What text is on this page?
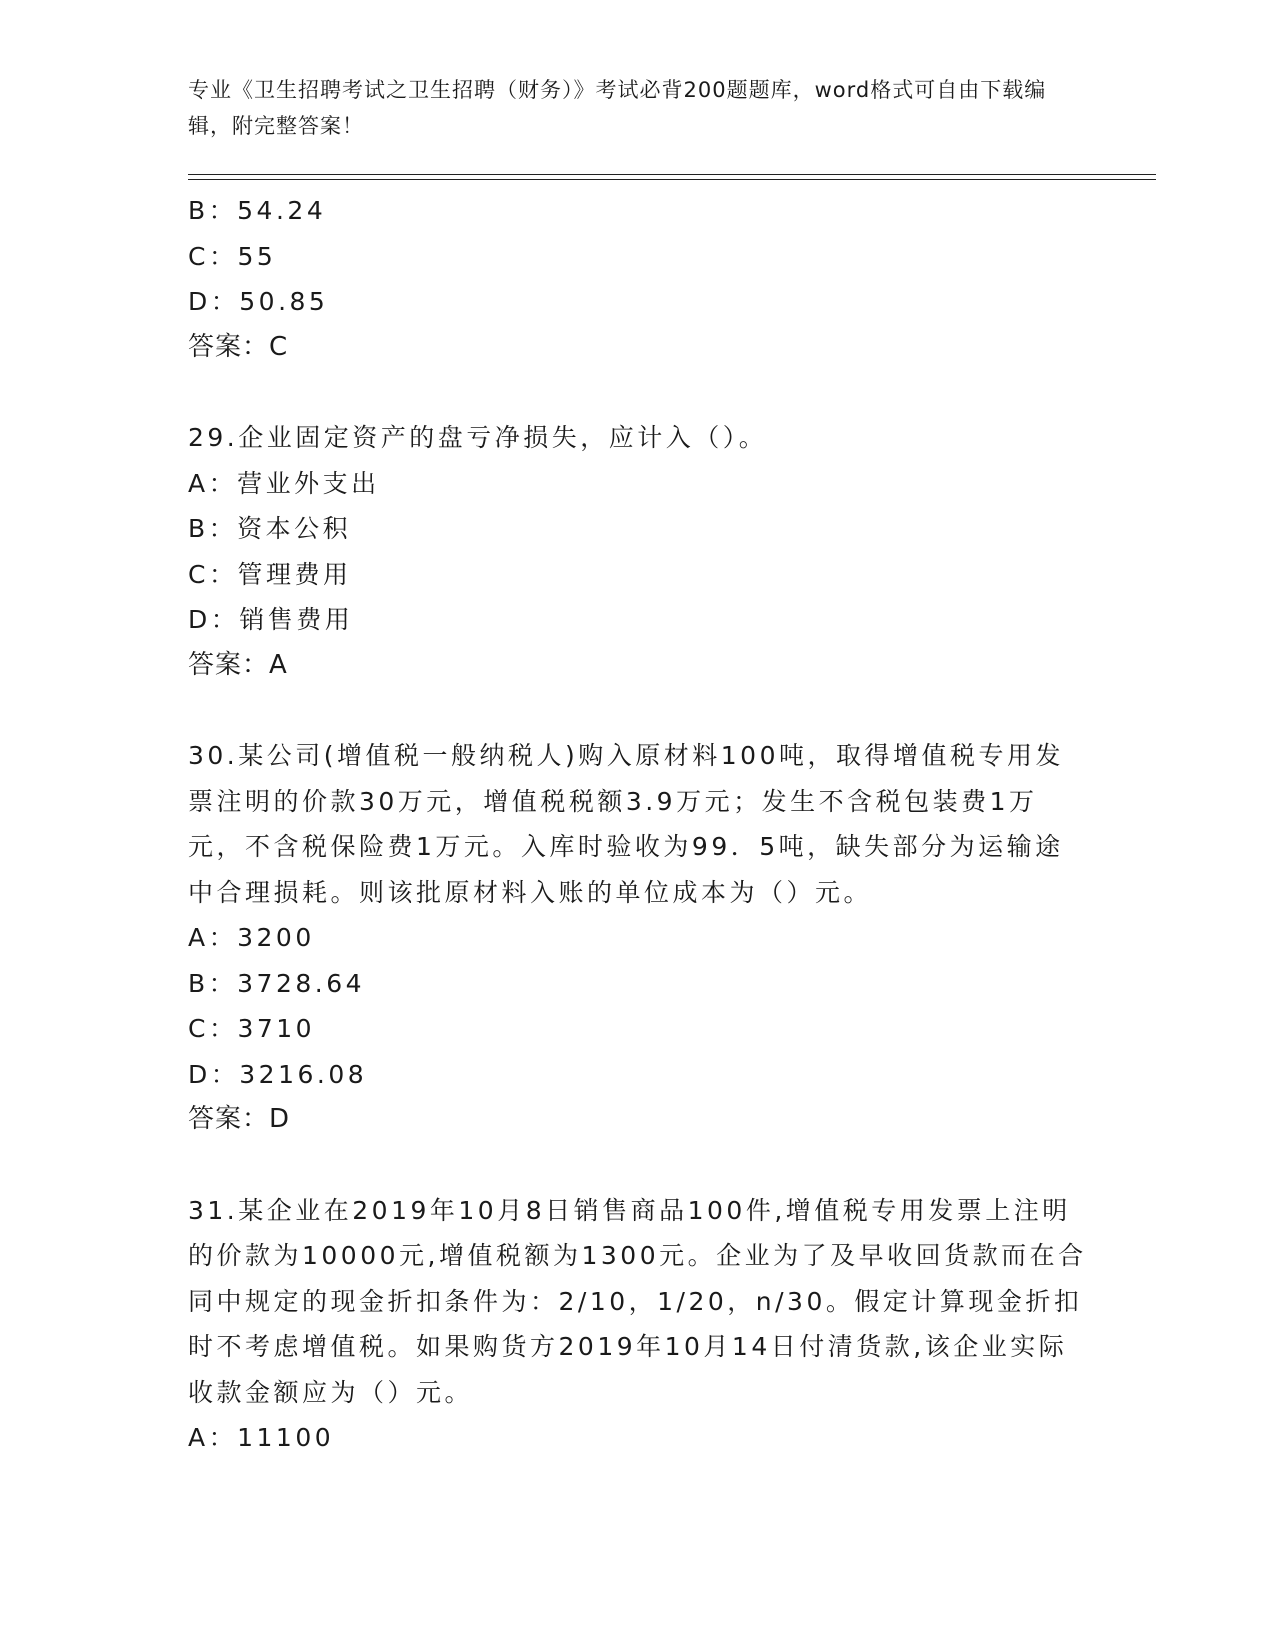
专业《卫生招聘考试之卫生招聘（财务）》考试必背200题题库，word格式可自由下载编辑，附完整答案！
B：54.24
C：55
D：50.85
答案：C
29.企业固定资产的盘亏净损失，应计入（）。
A：营业外支出
B：资本公积
C：管理费用
D：销售费用
答案：A
30.某公司(增值税一般纳税人)购入原材料100吨，取得增值税专用发票注明的价款30万元，增值税税额3.9万元；发生不含税包装费1万元，不含税保险费1万元。入库时验收为99．5吨，缺失部分为运输途中合理损耗。则该批原材料入账的单位成本为（）元。
A：3200
B：3728.64
C：3710
D：3216.08
答案：D
31.某企业在2019年10月8日销售商品100件,增值税专用发票上注明的价款为10000元,增值税额为1300元。企业为了及早收回货款而在合同中规定的现金折扣条件为：2/10，1/20，n/30。假定计算现金折扣时不考虑增值税。如果购货方2019年10月14日付清货款,该企业实际收款金额应为（）元。
A：11100
